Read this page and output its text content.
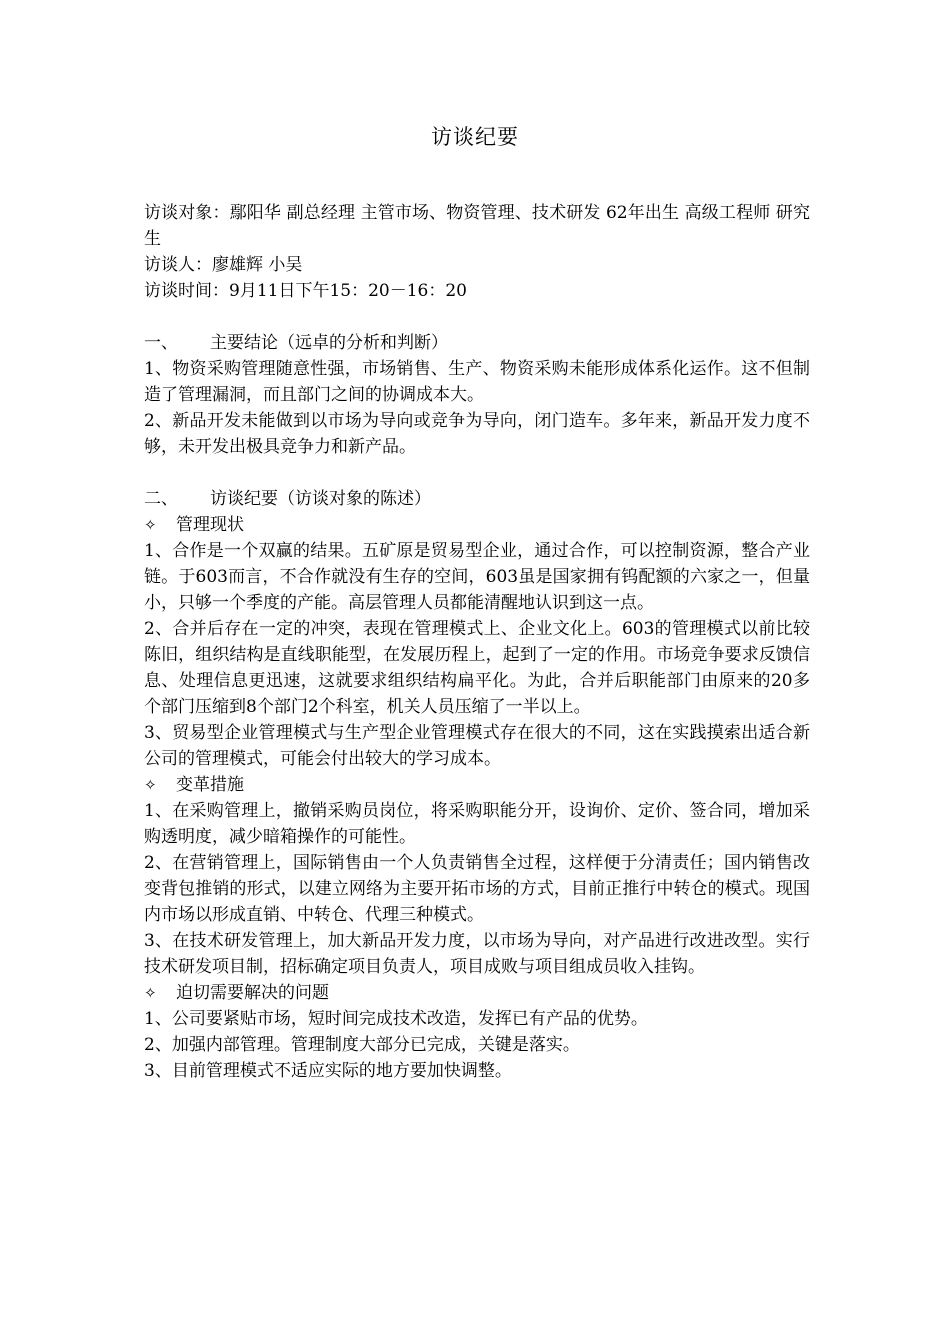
访谈纪要

访谈对象：鄢阳华 副总经理 主管市场、物资管理、技术研发 62年出生 高级工程师 研究生

访谈人：廖雄辉 小吴

访谈时间：9月11日下午15：20－16：20

一、 主要结论（远卓的分析和判断）

1、物资采购管理随意性强，市场销售、生产、物资采购未能形成体系化运作。这不但制造了管理漏洞，而且部门之间的协调成本大。

2、新品开发未能做到以市场为导向或竞争为导向，闭门造车。多年来，新品开发力度不够，未开发出极具竞争力和新产品。

二、 访谈纪要（访谈对象的陈述）

✧ 管理现状

1、合作是一个双赢的结果。五矿原是贸易型企业，通过合作，可以控制资源，整合产业链。于603而言，不合作就没有生存的空间，603虽是国家拥有钨配额的六家之一，但量小，只够一个季度的产能。高层管理人员都能清醒地认识到这一点。

2、合并后存在一定的冲突，表现在管理模式上、企业文化上。603的管理模式以前比较陈旧，组织结构是直线职能型，在发展历程上，起到了一定的作用。市场竞争要求反馈信息、处理信息更迅速，这就要求组织结构扁平化。为此，合并后职能部门由原来的20多个部门压缩到8个部门2个科室，机关人员压缩了一半以上。

3、贸易型企业管理模式与生产型企业管理模式存在很大的不同，这在实践摸索出适合新公司的管理模式，可能会付出较大的学习成本。

✧ 变革措施

1、在采购管理上，撤销采购员岗位，将采购职能分开，设询价、定价、签合同，增加采购透明度，减少暗箱操作的可能性。

2、在营销管理上，国际销售由一个人负责销售全过程，这样便于分清责任；国内销售改变背包推销的形式，以建立网络为主要开拓市场的方式，目前正推行中转仓的模式。现国内市场以形成直销、中转仓、代理三种模式。

3、在技术研发管理上，加大新品开发力度，以市场为导向，对产品进行改进改型。实行技术研发项目制，招标确定项目负责人，项目成败与项目组成员收入挂钩。

✧ 迫切需要解决的问题

1、公司要紧贴市场，短时间完成技术改造，发挥已有产品的优势。

2、加强内部管理。管理制度大部分已完成，关键是落实。

3、目前管理模式不适应实际的地方要加快调整。
